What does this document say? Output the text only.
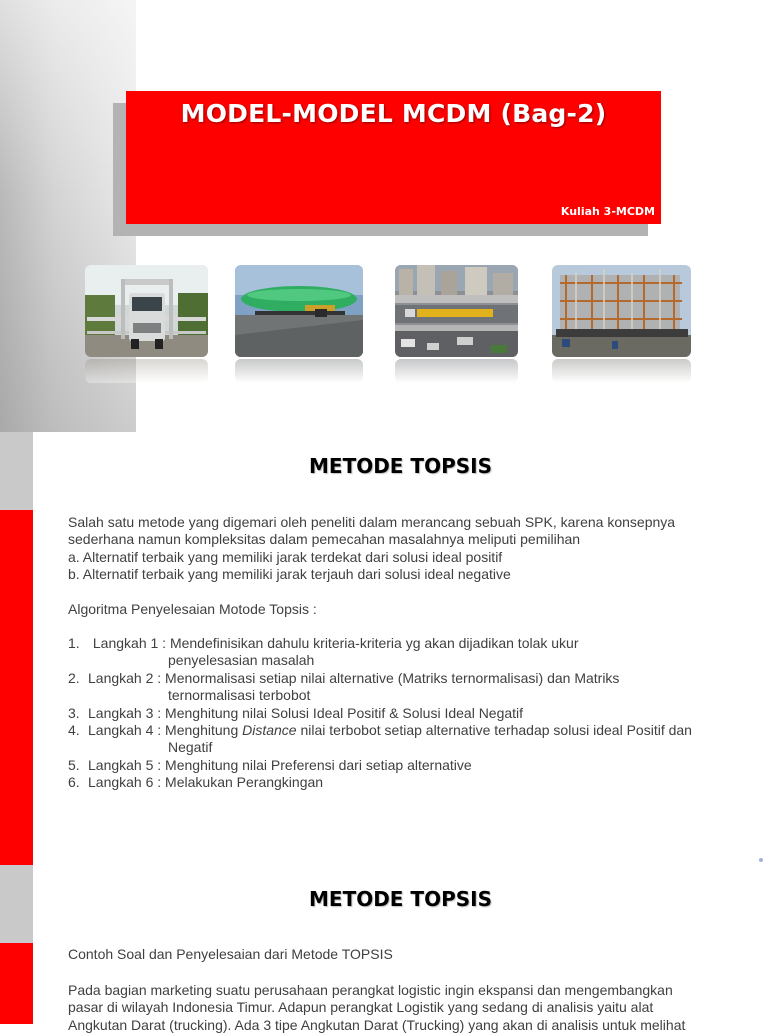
MODEL-MODEL MCDM (Bag-2)
Kuliah 3-MCDM
METODE TOPSIS
Salah satu metode yang digemari oleh peneliti dalam merancang sebuah SPK, karena konsepnya
sederhana namun kompleksitas dalam pemecahan masalahnya meliputi pemilihan
a. Alternatif terbaik yang memiliki jarak terdekat dari solusi ideal positif
b. Alternatif terbaik yang memiliki jarak terjauh dari solusi ideal negative
Algoritma Penyelesaian Motode Topsis :
1. Langkah 1 : Mendefinisikan dahulu kriteria-kriteria yg akan dijadikan tolak ukur
penyelesasian masalah
2. Langkah 2 : Menormalisasi setiap nilai alternative (Matriks ternormalisasi) dan Matriks
ternormalisasi terbobot
3. Langkah 3 : Menghitung nilai Solusi Ideal Positif & Solusi Ideal Negatif
4. Langkah 4 : Menghitung Distance nilai terbobot setiap alternative terhadap solusi ideal Positif dan
Negatif
5. Langkah 5 : Menghitung nilai Preferensi dari setiap alternative
6. Langkah 6 : Melakukan Perangkingan
METODE TOPSIS
Contoh Soal dan Penyelesaian dari Metode TOPSIS
Pada bagian marketing suatu perusahaan perangkat logistic ingin ekspansi dan mengembangkan
pasar di wilayah Indonesia Timur. Adapun perangkat Logistik yang sedang di analisis yaitu alat
Angkutan Darat (trucking). Ada 3 tipe Angkutan Darat (Trucking) yang akan di analisis untuk melihat
